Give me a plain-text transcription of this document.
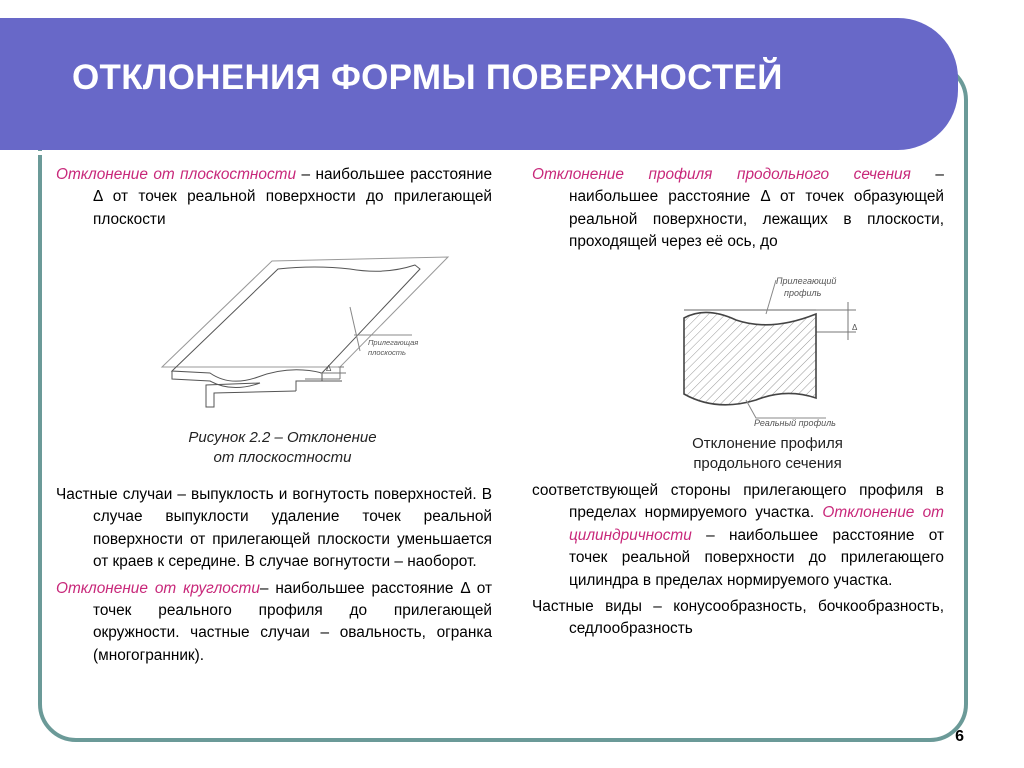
ОТКЛОНЕНИЯ ФОРМЫ ПОВЕРХНОСТЕЙ

Отклонение от плоскостности – наибольшее расстояние Δ от точек реальной поверхности до прилегающей плоскости

Прилегающая
плоскость
Δ
Рисунок 2.2 – Отклонение
от плоскостности

Частные случаи – выпуклость и вогнутость поверхностей. В случае выпуклости удаление точек реальной поверхности от прилегающей плоскости уменьшается от краев к середине. В случае вогнутости – наоборот.

Отклонение от круглости– наибольшее расстояние Δ от точек реального профиля до прилегающей окружности. частные случаи – овальность, огранка (многогранник).

Отклонение профиля продольного сечения – наибольшее расстояние Δ от точек образующей реальной поверхности, лежащих в плоскости, проходящей через её ось, до

Δ
Прилегающий
профиль
Реальный профиль
Отклонение профиля
продольного сечения

соответствующей стороны прилегающего профиля в пределах нормируемого участка. Отклонение от цилиндричности – наибольшее расстояние от точек реальной поверхности до прилегающего цилиндра в пределах нормируемого участка.

Частные виды – конусообразность, бочкообразность, седлообразность

6
